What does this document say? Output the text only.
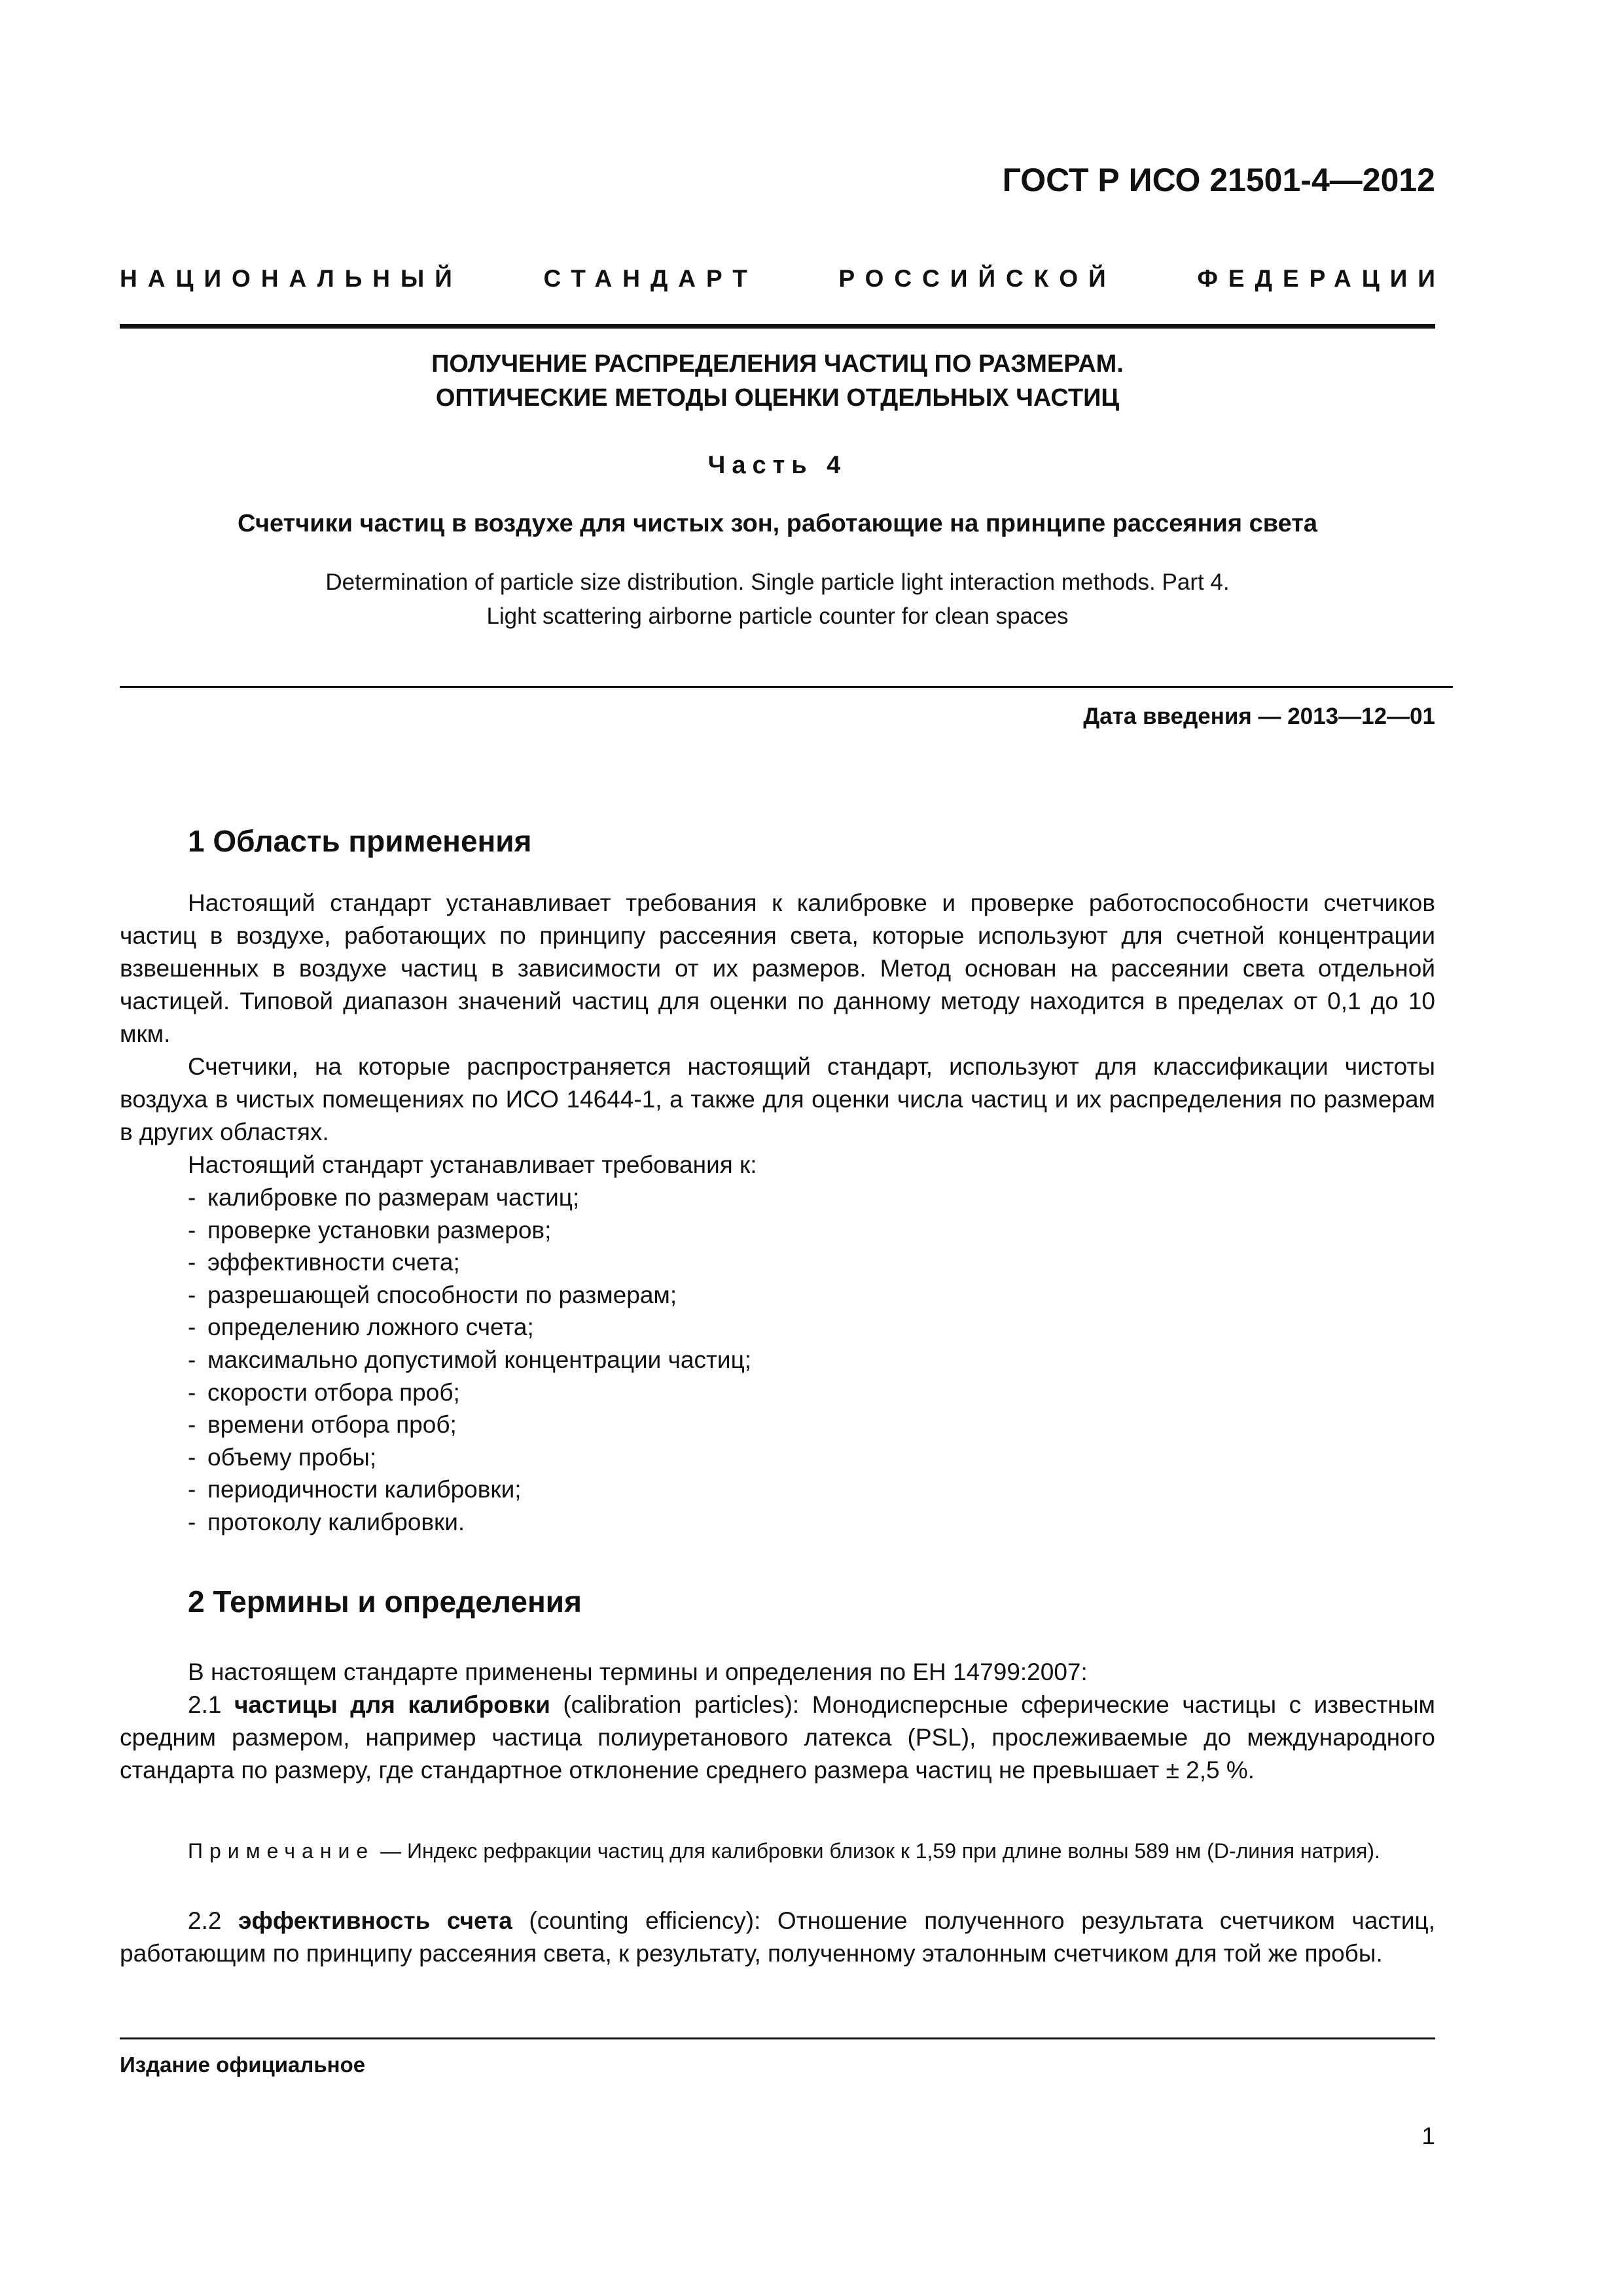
ГОСТ Р ИСО 21501-4—2012
НАЦИОНАЛЬНЫЙ	СТАНДАРТ	РОССИЙСКОЙ	ФЕДЕРАЦИИ
ПОЛУЧЕНИЕ РАСПРЕДЕЛЕНИЯ ЧАСТИЦ ПО РАЗМЕРАМ.
ОПТИЧЕСКИЕ МЕТОДЫ ОЦЕНКИ ОТДЕЛЬНЫХ ЧАСТИЦ
Часть 4
Счетчики частиц в воздухе для чистых зон, работающие на принципе рассеяния света
Determination of particle size distribution. Single particle light interaction methods. Part 4.
Light scattering airborne particle counter for clean spaces
Дата введения — 2013—12—01
1 Область применения
Настоящий стандарт устанавливает требования к калибровке и проверке работоспособности счетчиков частиц в воздухе, работающих по принципу рассеяния света, которые используют для счетной концентрации взвешенных в воздухе частиц в зависимости от их размеров. Метод основан на рассеянии света отдельной частицей. Типовой диапазон значений частиц для оценки по данному методу находится в пределах от 0,1 до 10 мкм.
Счетчики, на которые распространяется настоящий стандарт, используют для классификации чистоты воздуха в чистых помещениях по ИСО 14644-1, а также для оценки числа частиц и их распределения по размерам в других областях.
Настоящий стандарт устанавливает требования к:
- калибровке по размерам частиц;
- проверке установки размеров;
- эффективности счета;
- разрешающей способности по размерам;
- определению ложного счета;
- максимально допустимой концентрации частиц;
- скорости отбора проб;
- времени отбора проб;
- объему пробы;
- периодичности калибровки;
- протоколу калибровки.
2 Термины и определения
В настоящем стандарте применены термины и определения по ЕН 14799:2007:
2.1 частицы для калибровки (calibration particles): Монодисперсные сферические частицы с известным средним размером, например частица полиуретанового латекса (PSL), прослеживаемые до международного стандарта по размеру, где стандартное отклонение среднего размера частиц не превышает ± 2,5 %.
Примечание — Индекс рефракции частиц для калибровки близок к 1,59 при длине волны 589 нм (D-линия натрия).
2.2 эффективность счета (counting efficiency): Отношение полученного результата счетчиком частиц, работающим по принципу рассеяния света, к результату, полученному эталонным счетчиком для той же пробы.
Издание официальное
1
